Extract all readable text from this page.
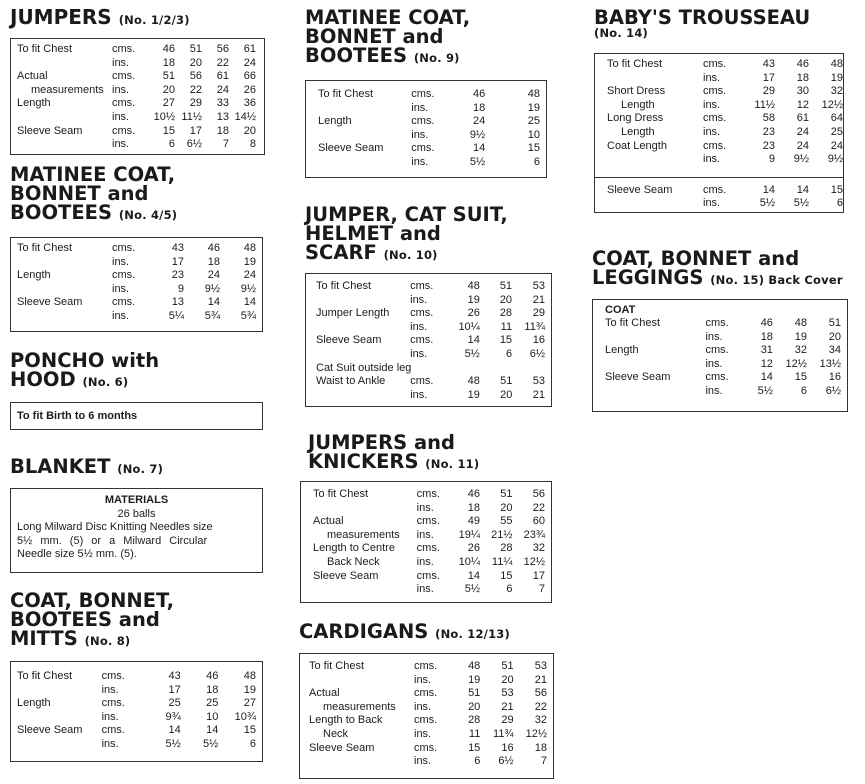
JUMPERS (No. 1/2/3)
To fit Chest	cms.	46	51	56	61
	ins.	18	20	22	24
Actual	cms.	51	56	61	66
measurements	ins.	20	22	24	26
Length	cms.	27	29	33	36
	ins.	10½	11½	13	14½
Sleeve Seam	cms.	15	17	18	20
	ins.	6	6½	7	8
MATINEE COAT,
BONNET and
BOOTEES (No. 4/5)
To fit Chest	cms.	43	46	48
	ins.	17	18	19
Length	cms.	23	24	24
	ins.	9	9½	9½
Sleeve Seam	cms.	13	14	14
	ins.	5¼	5¾	5¾
PONCHO with
HOOD (No. 6)
To fit Birth to 6 months
BLANKET (No. 7)
MATERIALS
26 balls
Long Milward Disc Knitting Needles size
5½ mm. (5) or a Milward Circular
Needle size 5½ mm. (5).
COAT, BONNET,
BOOTEES and
MITTS (No. 8)
To fit Chest	cms.	43	46	48
	ins.	17	18	19
Length	cms.	25	25	27
	ins.	9¾	10	10¾
Sleeve Seam	cms.	14	14	15
	ins.	5½	5½	6
MATINEE COAT,
BONNET and
BOOTEES (No. 9)
To fit Chest	cms.	46	48
	ins.	18	19
Length	cms.	24	25
	ins.	9½	10
Sleeve Seam	cms.	14	15
	ins.	5½	6
JUMPER, CAT SUIT,
HELMET and
SCARF (No. 10)
To fit Chest	cms.	48	51	53
	ins.	19	20	21
Jumper Length	cms.	26	28	29
	ins.	10¼	11	11¾
Sleeve Seam	cms.	14	15	16
	ins.	5½	6	6½
Cat Suit outside leg
Waist to Ankle	cms.	48	51	53
	ins.	19	20	21
JUMPERS and
KNICKERS (No. 11)
To fit Chest	cms.	46	51	56
	ins.	18	20	22
Actual	cms.	49	55	60
measurements	ins.	19¼	21½	23¾
Length to Centre	cms.	26	28	32
Back Neck	ins.	10¼	11¼	12½
Sleeve Seam	cms.	14	15	17
	ins.	5½	6	7
CARDIGANS (No. 12/13)
To fit Chest	cms.	48	51	53
	ins.	19	20	21
Actual	cms.	51	53	56
measurements	ins.	20	21	22
Length to Back	cms.	28	29	32
Neck	ins.	11	11¾	12½
Sleeve Seam	cms.	15	16	18
	ins.	6	6½	7
BABY'S TROUSSEAU
(No. 14)
To fit Chest	cms.	43	46	48
	ins.	17	18	19
Short Dress	cms.	29	30	32
Length	ins.	11½	12	12½
Long Dress	cms.	58	61	64
Length	ins.	23	24	25
Coat Length	cms.	23	24	24
	ins.	9	9½	9½
Sleeve Seam	cms.	14	14	15
	ins.	5½	5½	6
COAT, BONNET and
LEGGINGS (No. 15) Back Cover
COAT
To fit Chest	cms.	46	48	51
	ins.	18	19	20
Length	cms.	31	32	34
	ins.	12	12½	13½
Sleeve Seam	cms.	14	15	16
	ins.	5½	6	6½
